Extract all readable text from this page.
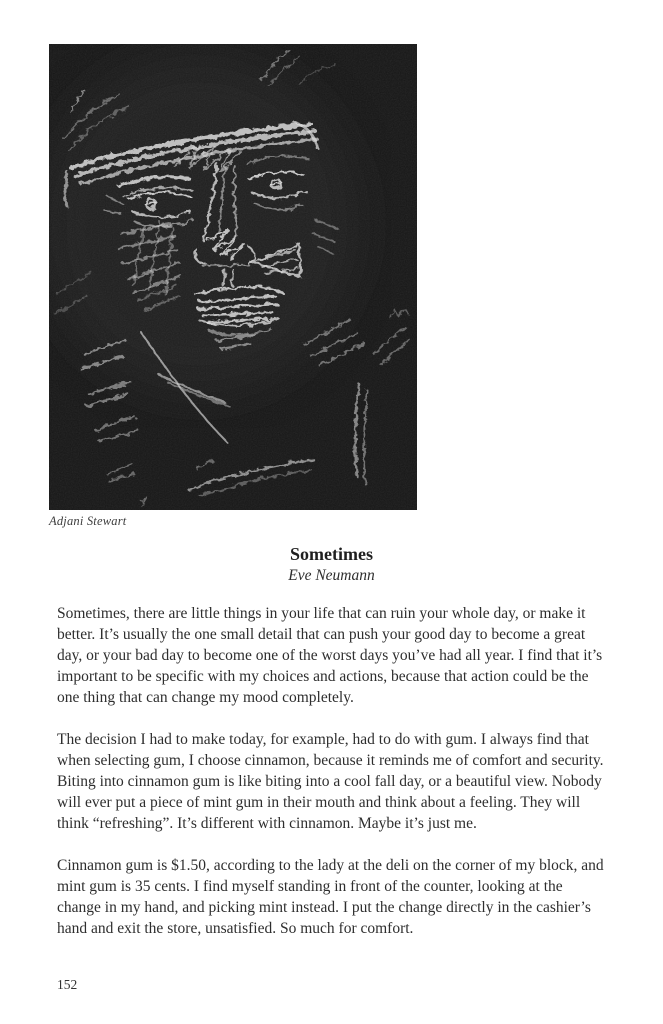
Adjani Stewart
Sometimes
Eve Neumann

Sometimes, there are little things in your life that can ruin your whole day, or make it better. It’s usually the one small detail that can push your good day to become a great day, or your bad day to become one of the worst days you’ve had all year. I find that it’s important to be specific with my choices and actions, because that action could be the one thing that can change my mood completely.

The decision I had to make today, for example, had to do with gum. I always find that when selecting gum, I choose cinnamon, because it reminds me of comfort and security. Biting into cinnamon gum is like biting into a cool fall day, or a beautiful view. Nobody will ever put a piece of mint gum in their mouth and think about a feeling. They will think “refreshing”. It’s different with cinnamon. Maybe it’s just me.

Cinnamon gum is $1.50, according to the lady at the deli on the corner of my block, and mint gum is 35 cents. I find myself standing in front of the counter, looking at the change in my hand, and picking mint instead. I put the change directly in the cashier’s hand and exit the store, unsatisfied. So much for comfort.

152
